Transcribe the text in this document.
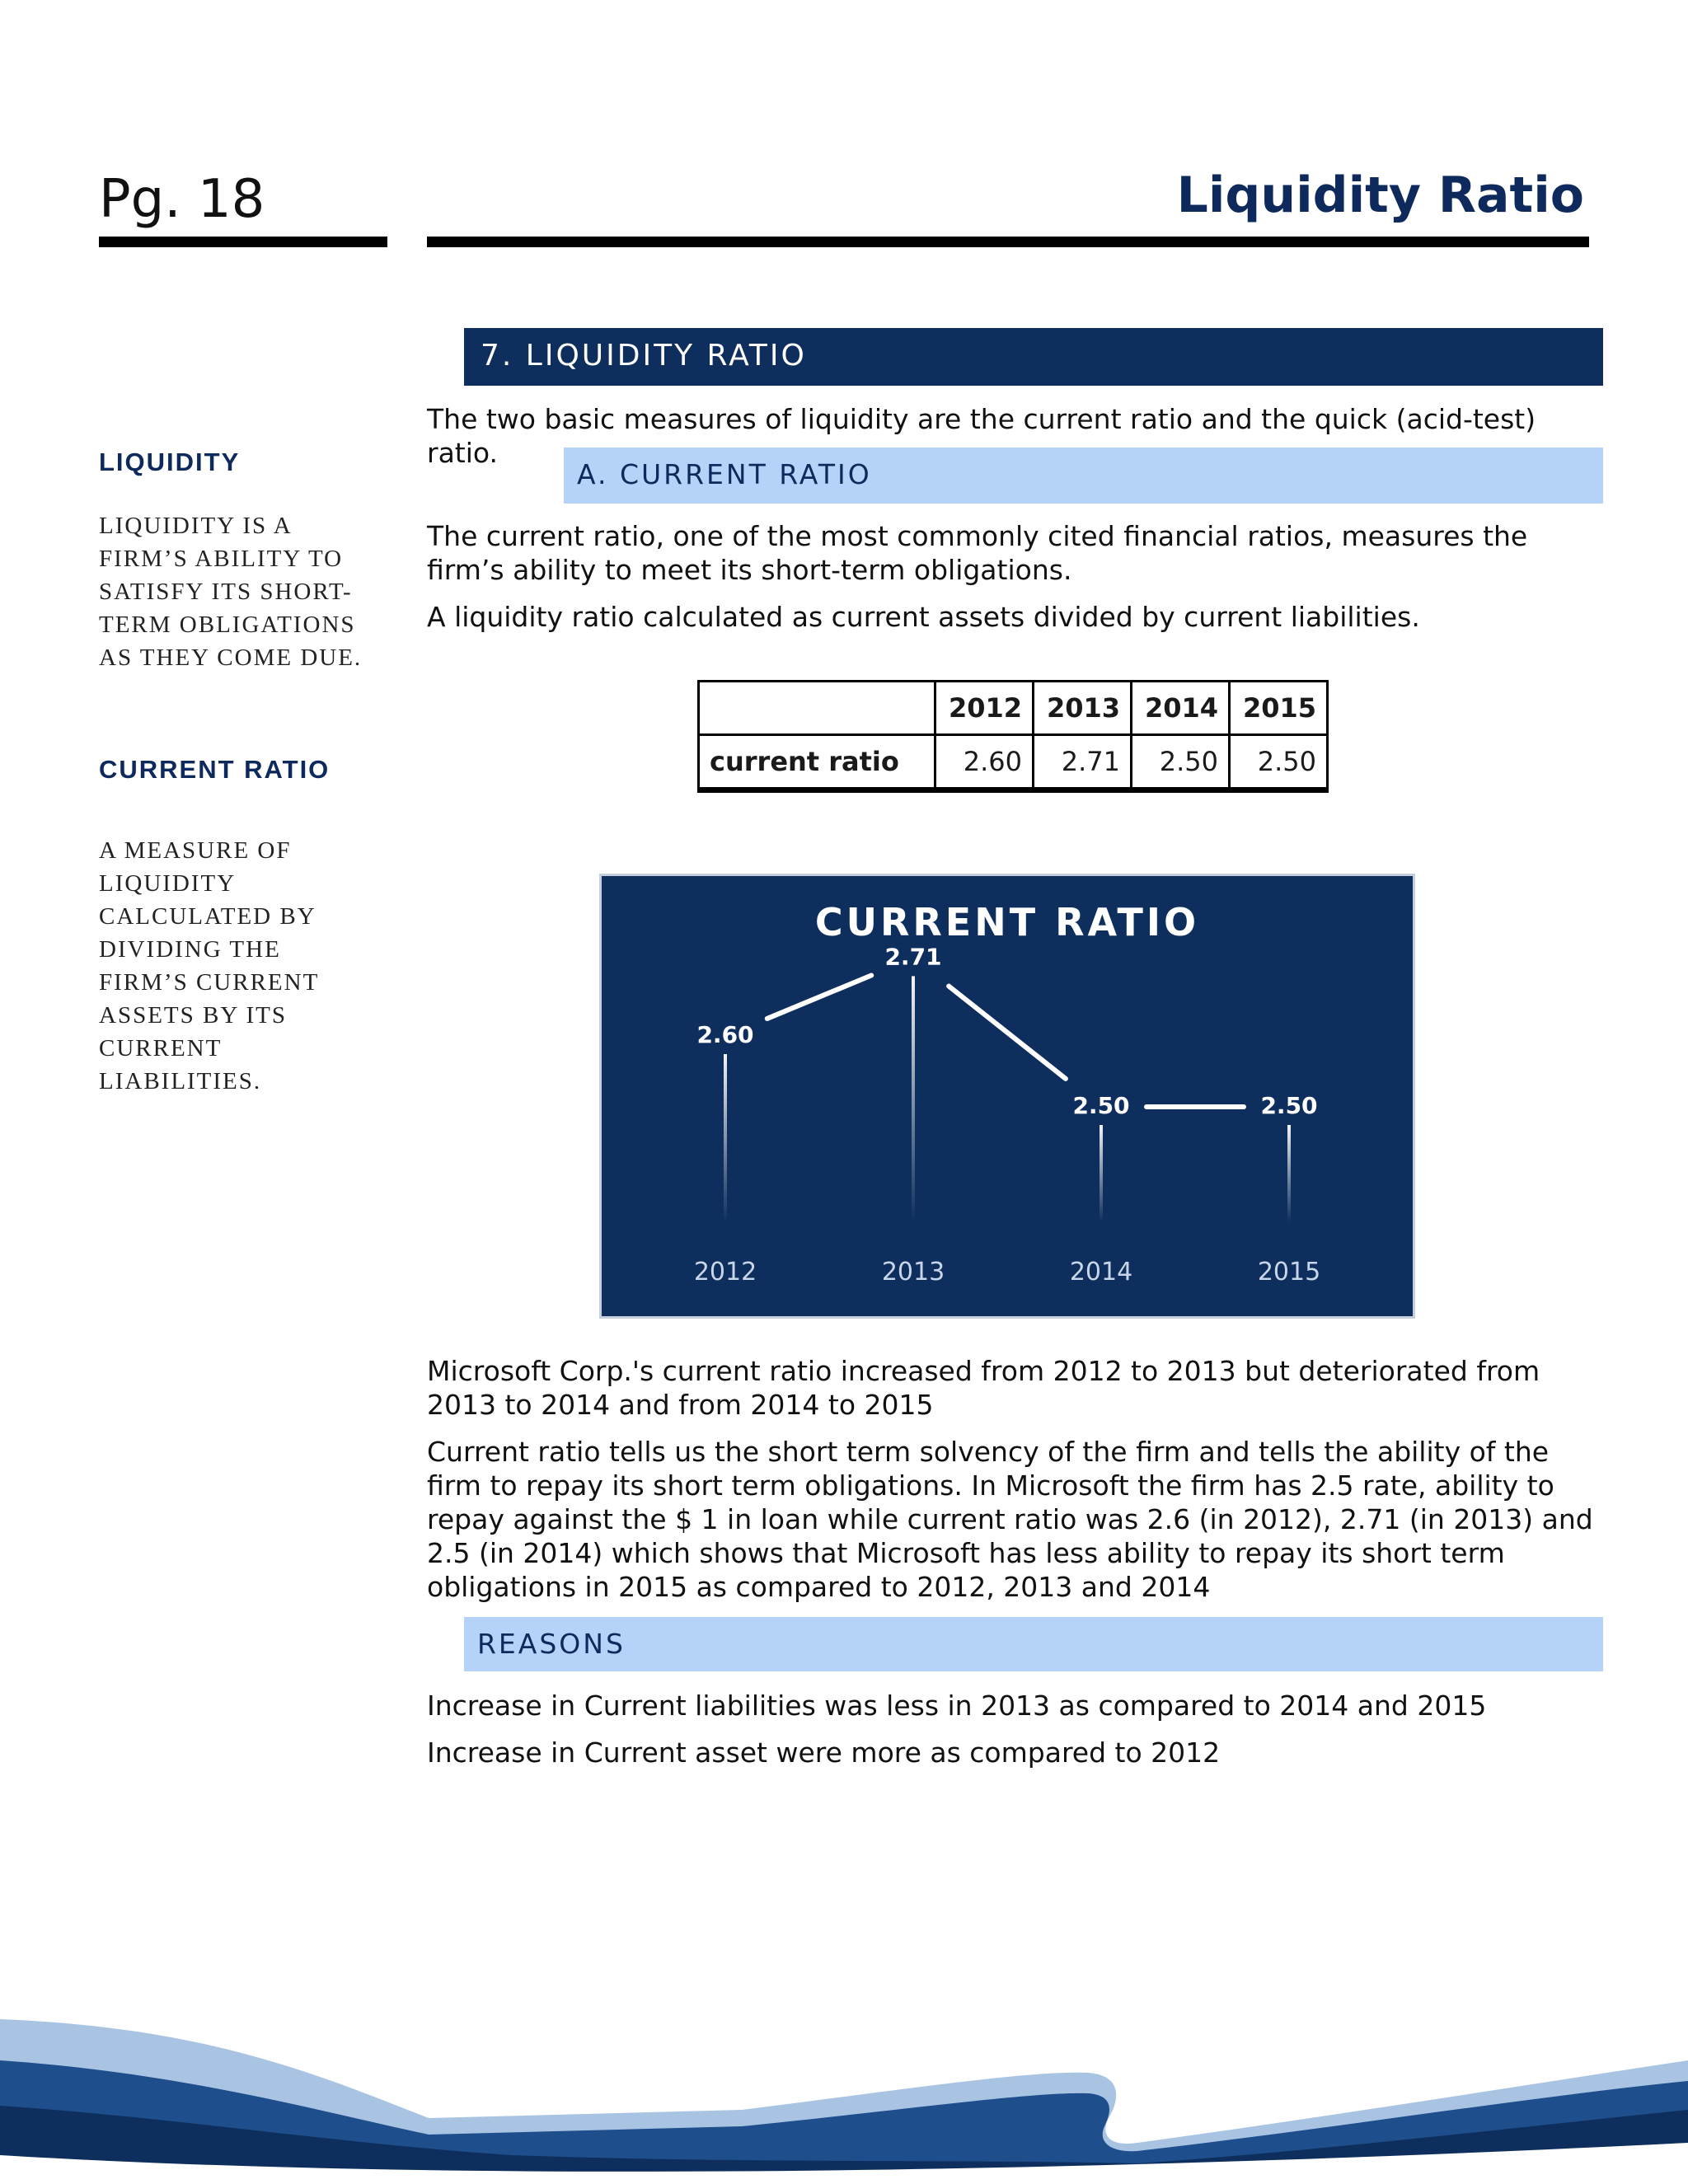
Pg. 18	Liquidity Ratio
LIQUIDITY
LIQUIDITY IS A FIRM’S ABILITY TO SATISFY ITS SHORT-TERM OBLIGATIONS AS THEY COME DUE.
CURRENT RATIO
A MEASURE OF LIQUIDITY CALCULATED BY DIVIDING THE FIRM’S CURRENT ASSETS BY ITS CURRENT LIABILITIES.
7. LIQUIDITY RATIO
The two basic measures of liquidity are the current ratio and the quick (acid-test) ratio.
A. CURRENT RATIO
The current ratio, one of the most commonly cited financial ratios, measures the firm’s ability to meet its short-term obligations.
A liquidity ratio calculated as current assets divided by current liabilities.
	2012	2013	2014	2015
current ratio	2.60	2.71	2.50	2.50
CURRENT RATIO
2.60
2012
2.71
2013
2.50
2014
2.50
2015
Microsoft Corp.'s current ratio increased from 2012 to 2013 but deteriorated from 2013 to 2014 and from 2014 to 2015
Current ratio tells us the short term solvency of the firm and tells the ability of the firm to repay its short term obligations. In Microsoft the firm has 2.5 rate, ability to repay against the $ 1 in loan while current ratio was 2.6 (in 2012), 2.71 (in 2013) and 2.5 (in 2014) which shows that Microsoft has less ability to repay its short term obligations in 2015 as compared to 2012, 2013 and 2014
REASONS
Increase in Current liabilities was less in 2013 as compared to 2014 and 2015
Increase in Current asset were more as compared to 2012
